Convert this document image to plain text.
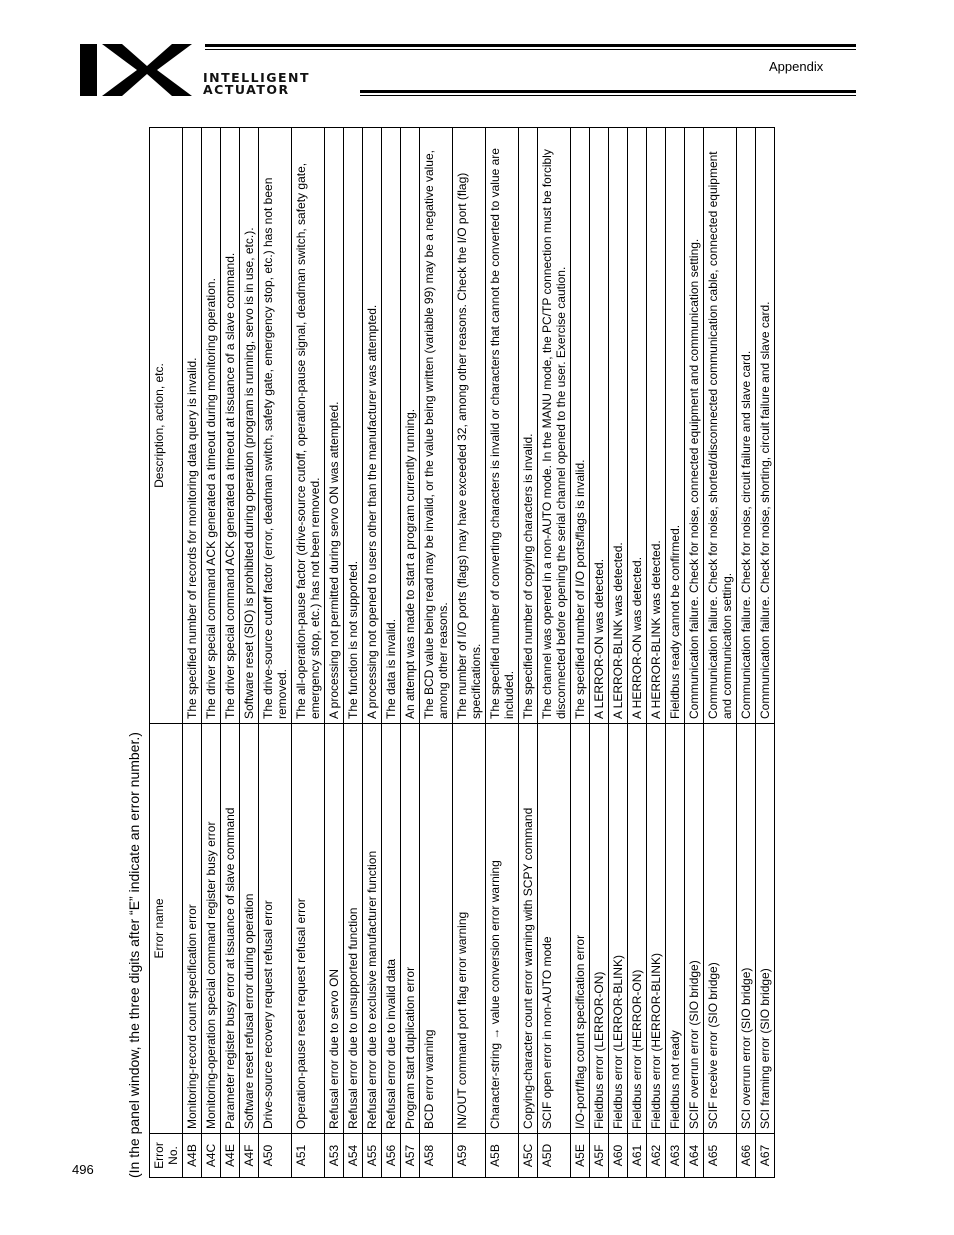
INTELLIGENT
ACTUATOR
Appendix
(In the panel window, the three digits after “E” indicate an error number.) Error No.	Error name	Description, action, etc.
A4B	Monitoring-record count specification error	The specified number of records for monitoring data query is invalid.
A4C	Monitoring-operation special command register busy error	The driver special command ACK generated a timeout during monitoring operation.
A4E	Parameter register busy error at issuance of slave command	The driver special command ACK generated a timeout at issuance of a slave command.
A4F	Software reset refusal error during operation	Software reset (SIO) is prohibited during operation (program is running, servo is in use, etc.).
A50	Drive-source recovery request refusal error	The drive-source cutoff factor (error, deadman switch, safety gate, emergency stop, etc.) has not been removed.
A51	Operation-pause reset request refusal error	The all-operation-pause factor (drive-source cutoff, operation-pause signal, deadman switch, safety gate, emergency stop, etc.) has not been removed.
A53	Refusal error due to servo ON	A processing not permitted during servo ON was attempted.
A54	Refusal error due to unsupported function	The function is not supported.
A55	Refusal error due to exclusive manufacturer function	A processing not opened to users other than the manufacturer was attempted.
A56	Refusal error due to invalid data	The data is invalid.
A57	Program start duplication error	An attempt was made to start a program currently running.
A58	BCD error warning	The BCD value being read may be invalid, or the value being written (variable 99) may be a negative value, among other reasons.
A59	IN/OUT command port flag error warning	The number of I/O ports (flags) may have exceeded 32, among other reasons. Check the I/O port (flag) specifications.
A5B	Character-string → value conversion error warning	The specified number of converting characters is invalid or characters that cannot be converted to value are included.
A5C	Copying-character count error warning with SCPY command	The specified number of copying characters is invalid.
A5D	SCIF open error in non-AUTO mode	The channel was opened in a non-AUTO mode. In the MANU mode, the PC/TP connection must be forcibly disconnected before opening the serial channel opened to the user. Exercise caution.
A5E	I/O-port/flag count specification error	The specified number of I/O ports/flags is invalid.
A5F	Fieldbus error (LERROR-ON)	A LERROR-ON was detected.
A60	Fieldbus error (LERROR-BLINK)	A LERROR-BLINK was detected.
A61	Fieldbus error (HERROR-ON)	A HERROR-ON was detected.
A62	Fieldbus error (HERROR-BLINK)	A HERROR-BLINK was detected.
A63	Fieldbus not ready	Fieldbus ready cannot be confirmed.
A64	SCIF overrun error (SIO bridge)	Communication failure. Check for noise, connected equipment and communication setting.
A65	SCIF receive error (SIO bridge)	Communication failure. Check for noise, shorted/disconnected communication cable, connected equipment and communication setting.
A66	SCI overrun error (SIO bridge)	Communication failure. Check for noise, circuit failure and slave card.
A67	SCI framing error (SIO bridge)	Communication failure. Check for noise, shorting, circuit failure and slave card.
496
